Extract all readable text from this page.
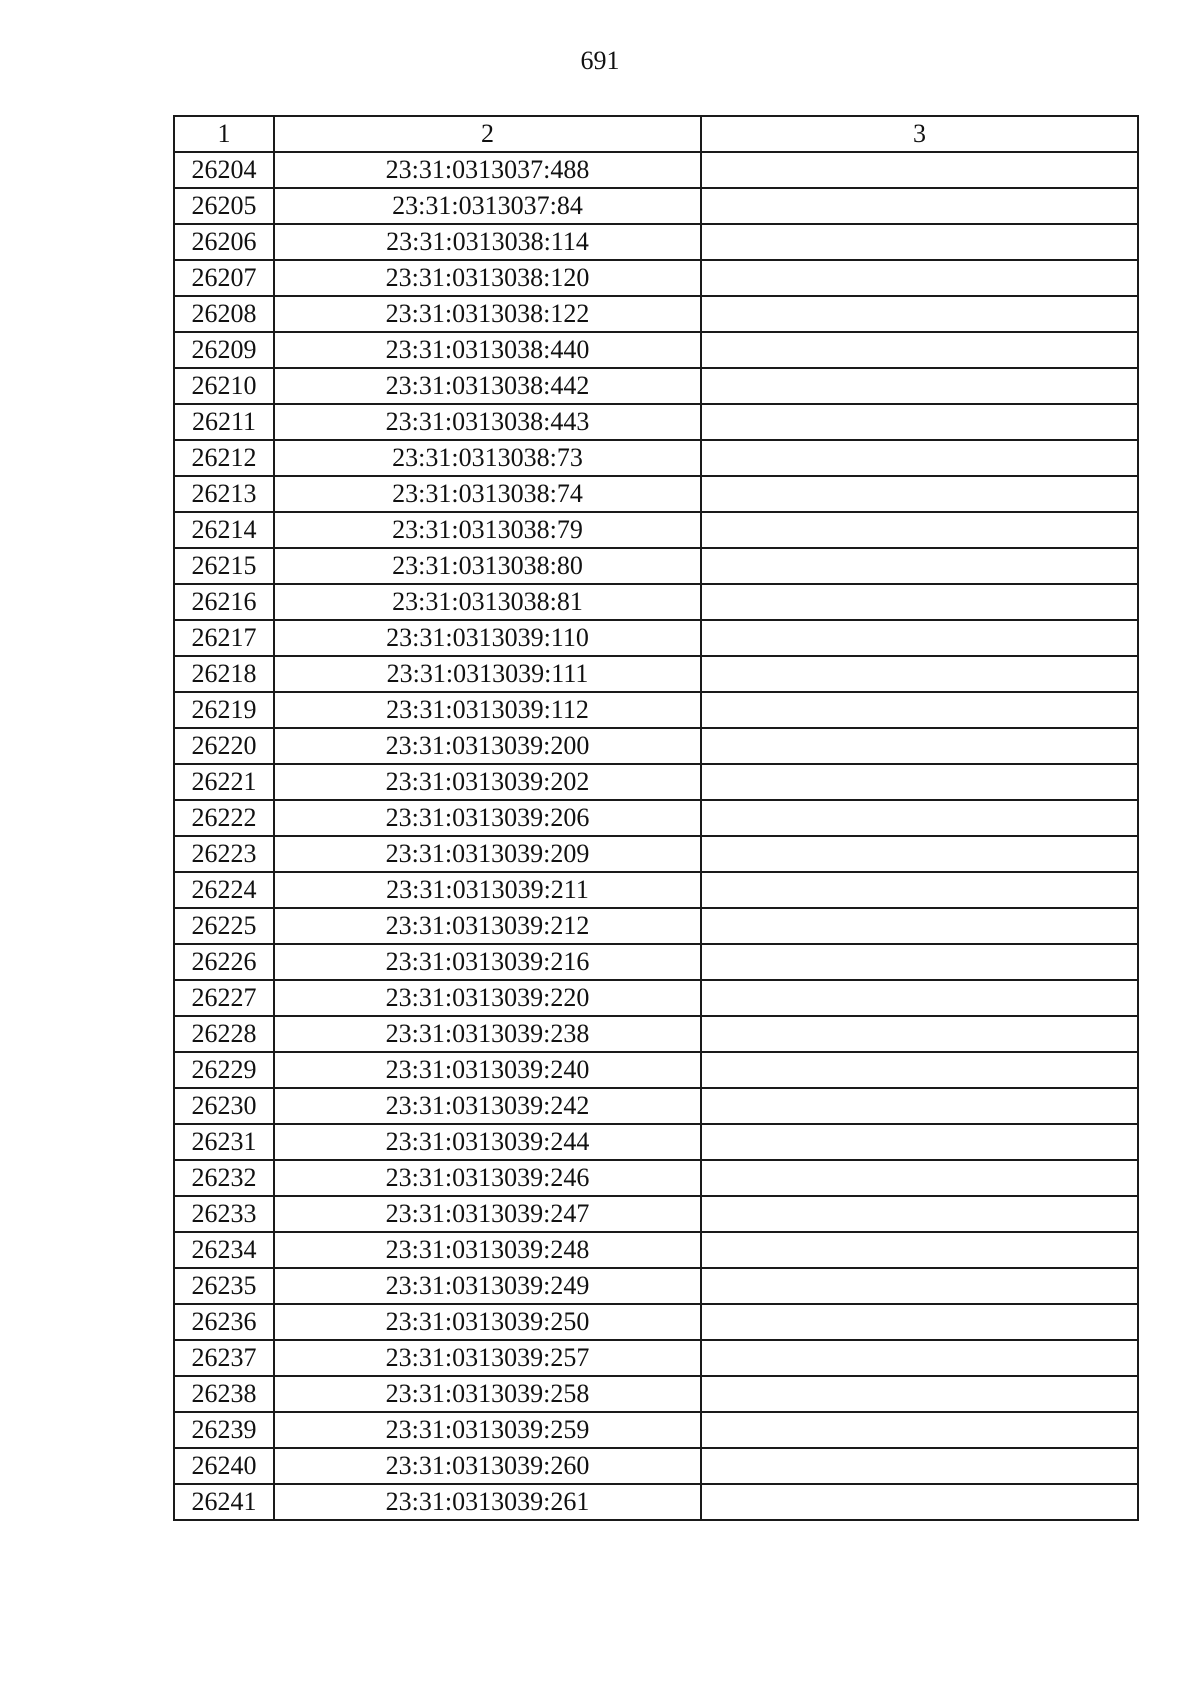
691
1	2	3
26204	23:31:0313037:488	
26205	23:31:0313037:84	
26206	23:31:0313038:114	
26207	23:31:0313038:120	
26208	23:31:0313038:122	
26209	23:31:0313038:440	
26210	23:31:0313038:442	
26211	23:31:0313038:443	
26212	23:31:0313038:73	
26213	23:31:0313038:74	
26214	23:31:0313038:79	
26215	23:31:0313038:80	
26216	23:31:0313038:81	
26217	23:31:0313039:110	
26218	23:31:0313039:111	
26219	23:31:0313039:112	
26220	23:31:0313039:200	
26221	23:31:0313039:202	
26222	23:31:0313039:206	
26223	23:31:0313039:209	
26224	23:31:0313039:211	
26225	23:31:0313039:212	
26226	23:31:0313039:216	
26227	23:31:0313039:220	
26228	23:31:0313039:238	
26229	23:31:0313039:240	
26230	23:31:0313039:242	
26231	23:31:0313039:244	
26232	23:31:0313039:246	
26233	23:31:0313039:247	
26234	23:31:0313039:248	
26235	23:31:0313039:249	
26236	23:31:0313039:250	
26237	23:31:0313039:257	
26238	23:31:0313039:258	
26239	23:31:0313039:259	
26240	23:31:0313039:260	
26241	23:31:0313039:261	
